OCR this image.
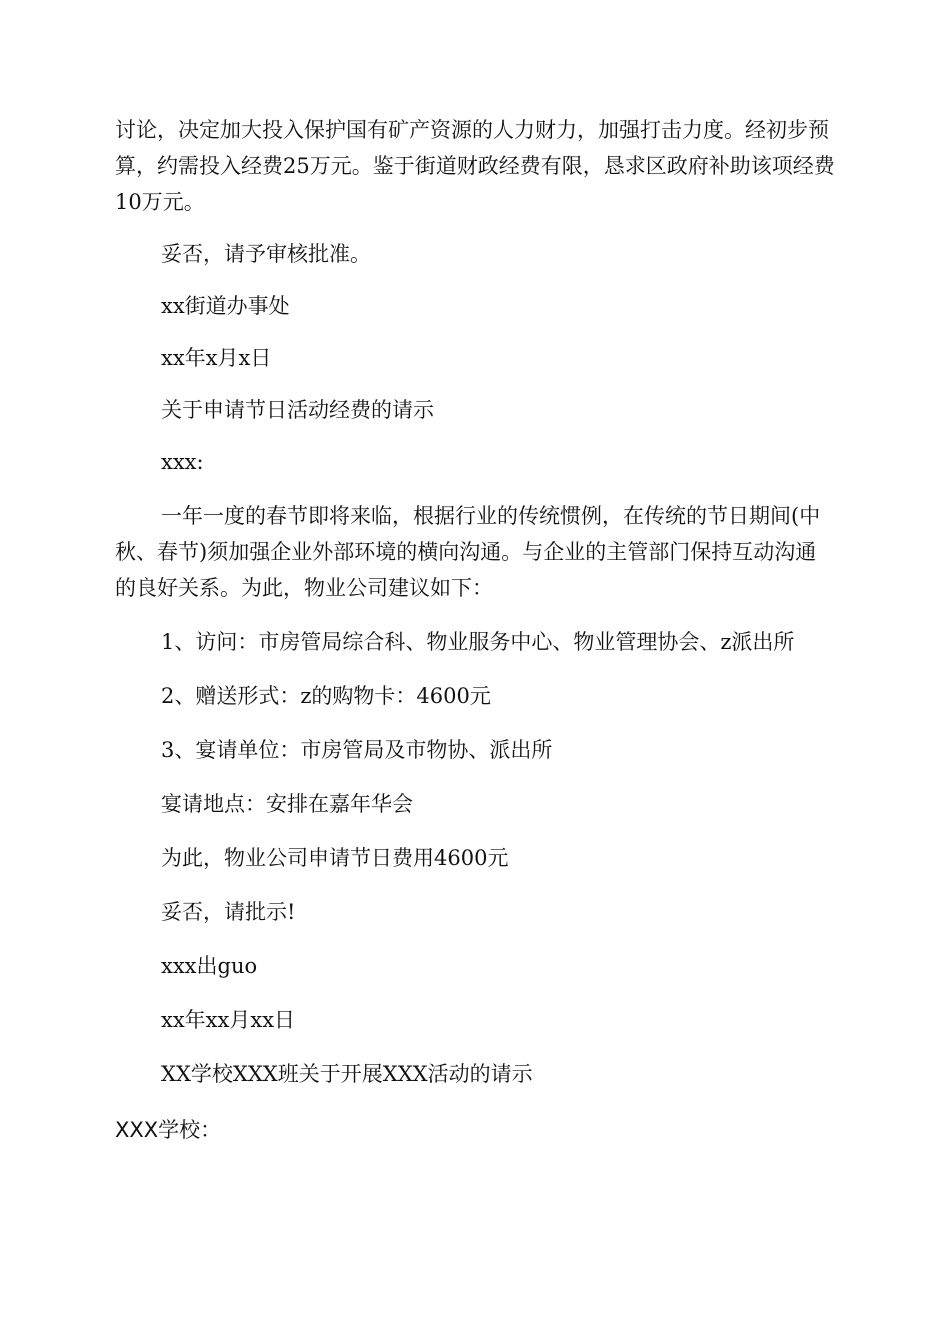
讨论，决定加大投入保护国有矿产资源的人力财力，加强打击力度。经初步预算，约需投入经费25万元。鉴于街道财政经费有限，恳求区政府补助该项经费10万元。

妥否，请予审核批准。

xx街道办事处

xx年x月x日

关于申请节日活动经费的请示

xxx:

一年一度的春节即将来临，根据行业的传统惯例，在传统的节日期间(中秋、春节)须加强企业外部环境的横向沟通。与企业的主管部门保持互动沟通的良好关系。为此，物业公司建议如下：

1、访问：市房管局综合科、物业服务中心、物业管理协会、z派出所

2、赠送形式：z的购物卡：4600元

3、宴请单位：市房管局及市物协、派出所

宴请地点：安排在嘉年华会

为此，物业公司申请节日费用4600元

妥否，请批示!

xxx出guo

xx年xx月xx日

XX学校XXX班关于开展XXX活动的请示

XXX学校：
